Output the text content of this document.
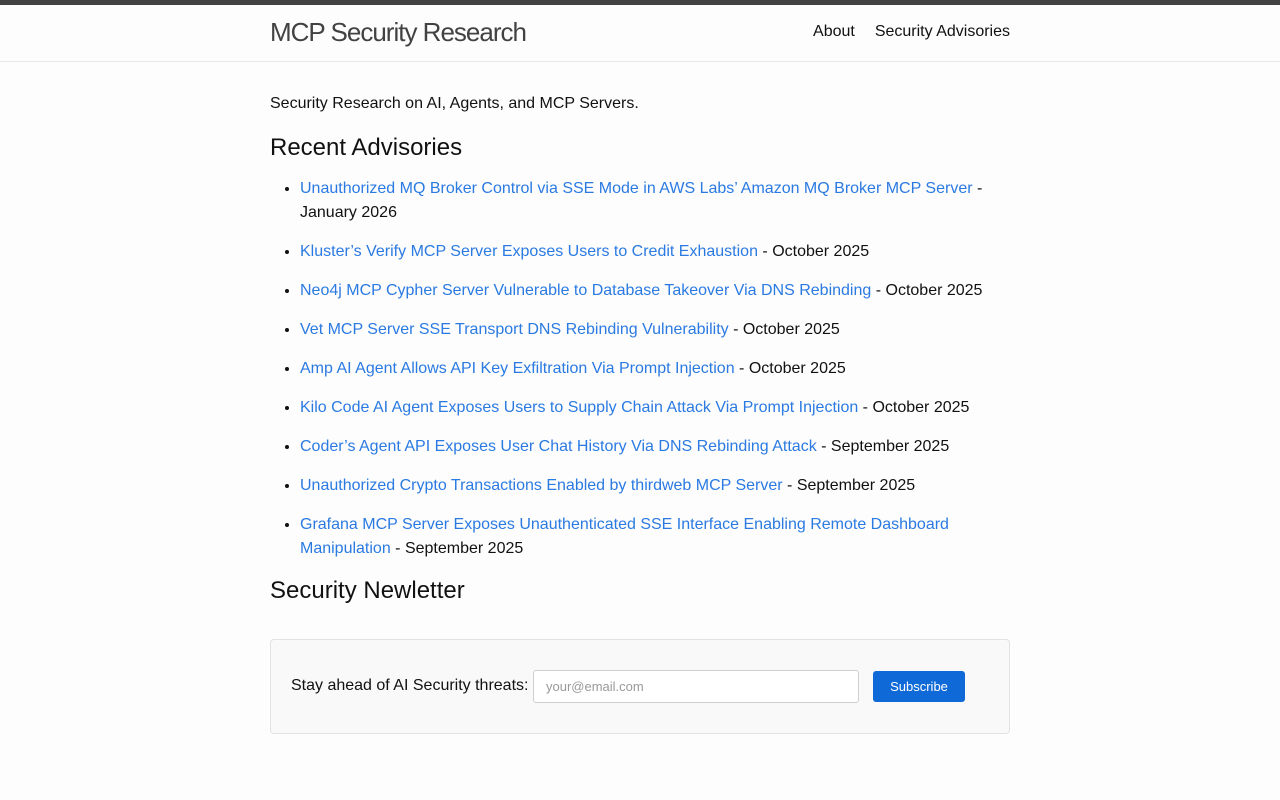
MCP Security Research	About Security Advisories

Security Research on AI, Agents, and MCP Servers.

Recent Advisories
• Unauthorized MQ Broker Control via SSE Mode in AWS Labs’ Amazon MQ Broker MCP Server - January 2026
• Kluster’s Verify MCP Server Exposes Users to Credit Exhaustion - October 2025
• Neo4j MCP Cypher Server Vulnerable to Database Takeover Via DNS Rebinding - October 2025
• Vet MCP Server SSE Transport DNS Rebinding Vulnerability - October 2025
• Amp AI Agent Allows API Key Exfiltration Via Prompt Injection - October 2025
• Kilo Code AI Agent Exposes Users to Supply Chain Attack Via Prompt Injection - October 2025
• Coder’s Agent API Exposes User Chat History Via DNS Rebinding Attack - September 2025
• Unauthorized Crypto Transactions Enabled by thirdweb MCP Server - September 2025
• Grafana MCP Server Exposes Unauthenticated SSE Interface Enabling Remote Dashboard Manipulation - September 2025
Security Newletter
Stay ahead of AI Security threats:
your@email.com	Subscribe
